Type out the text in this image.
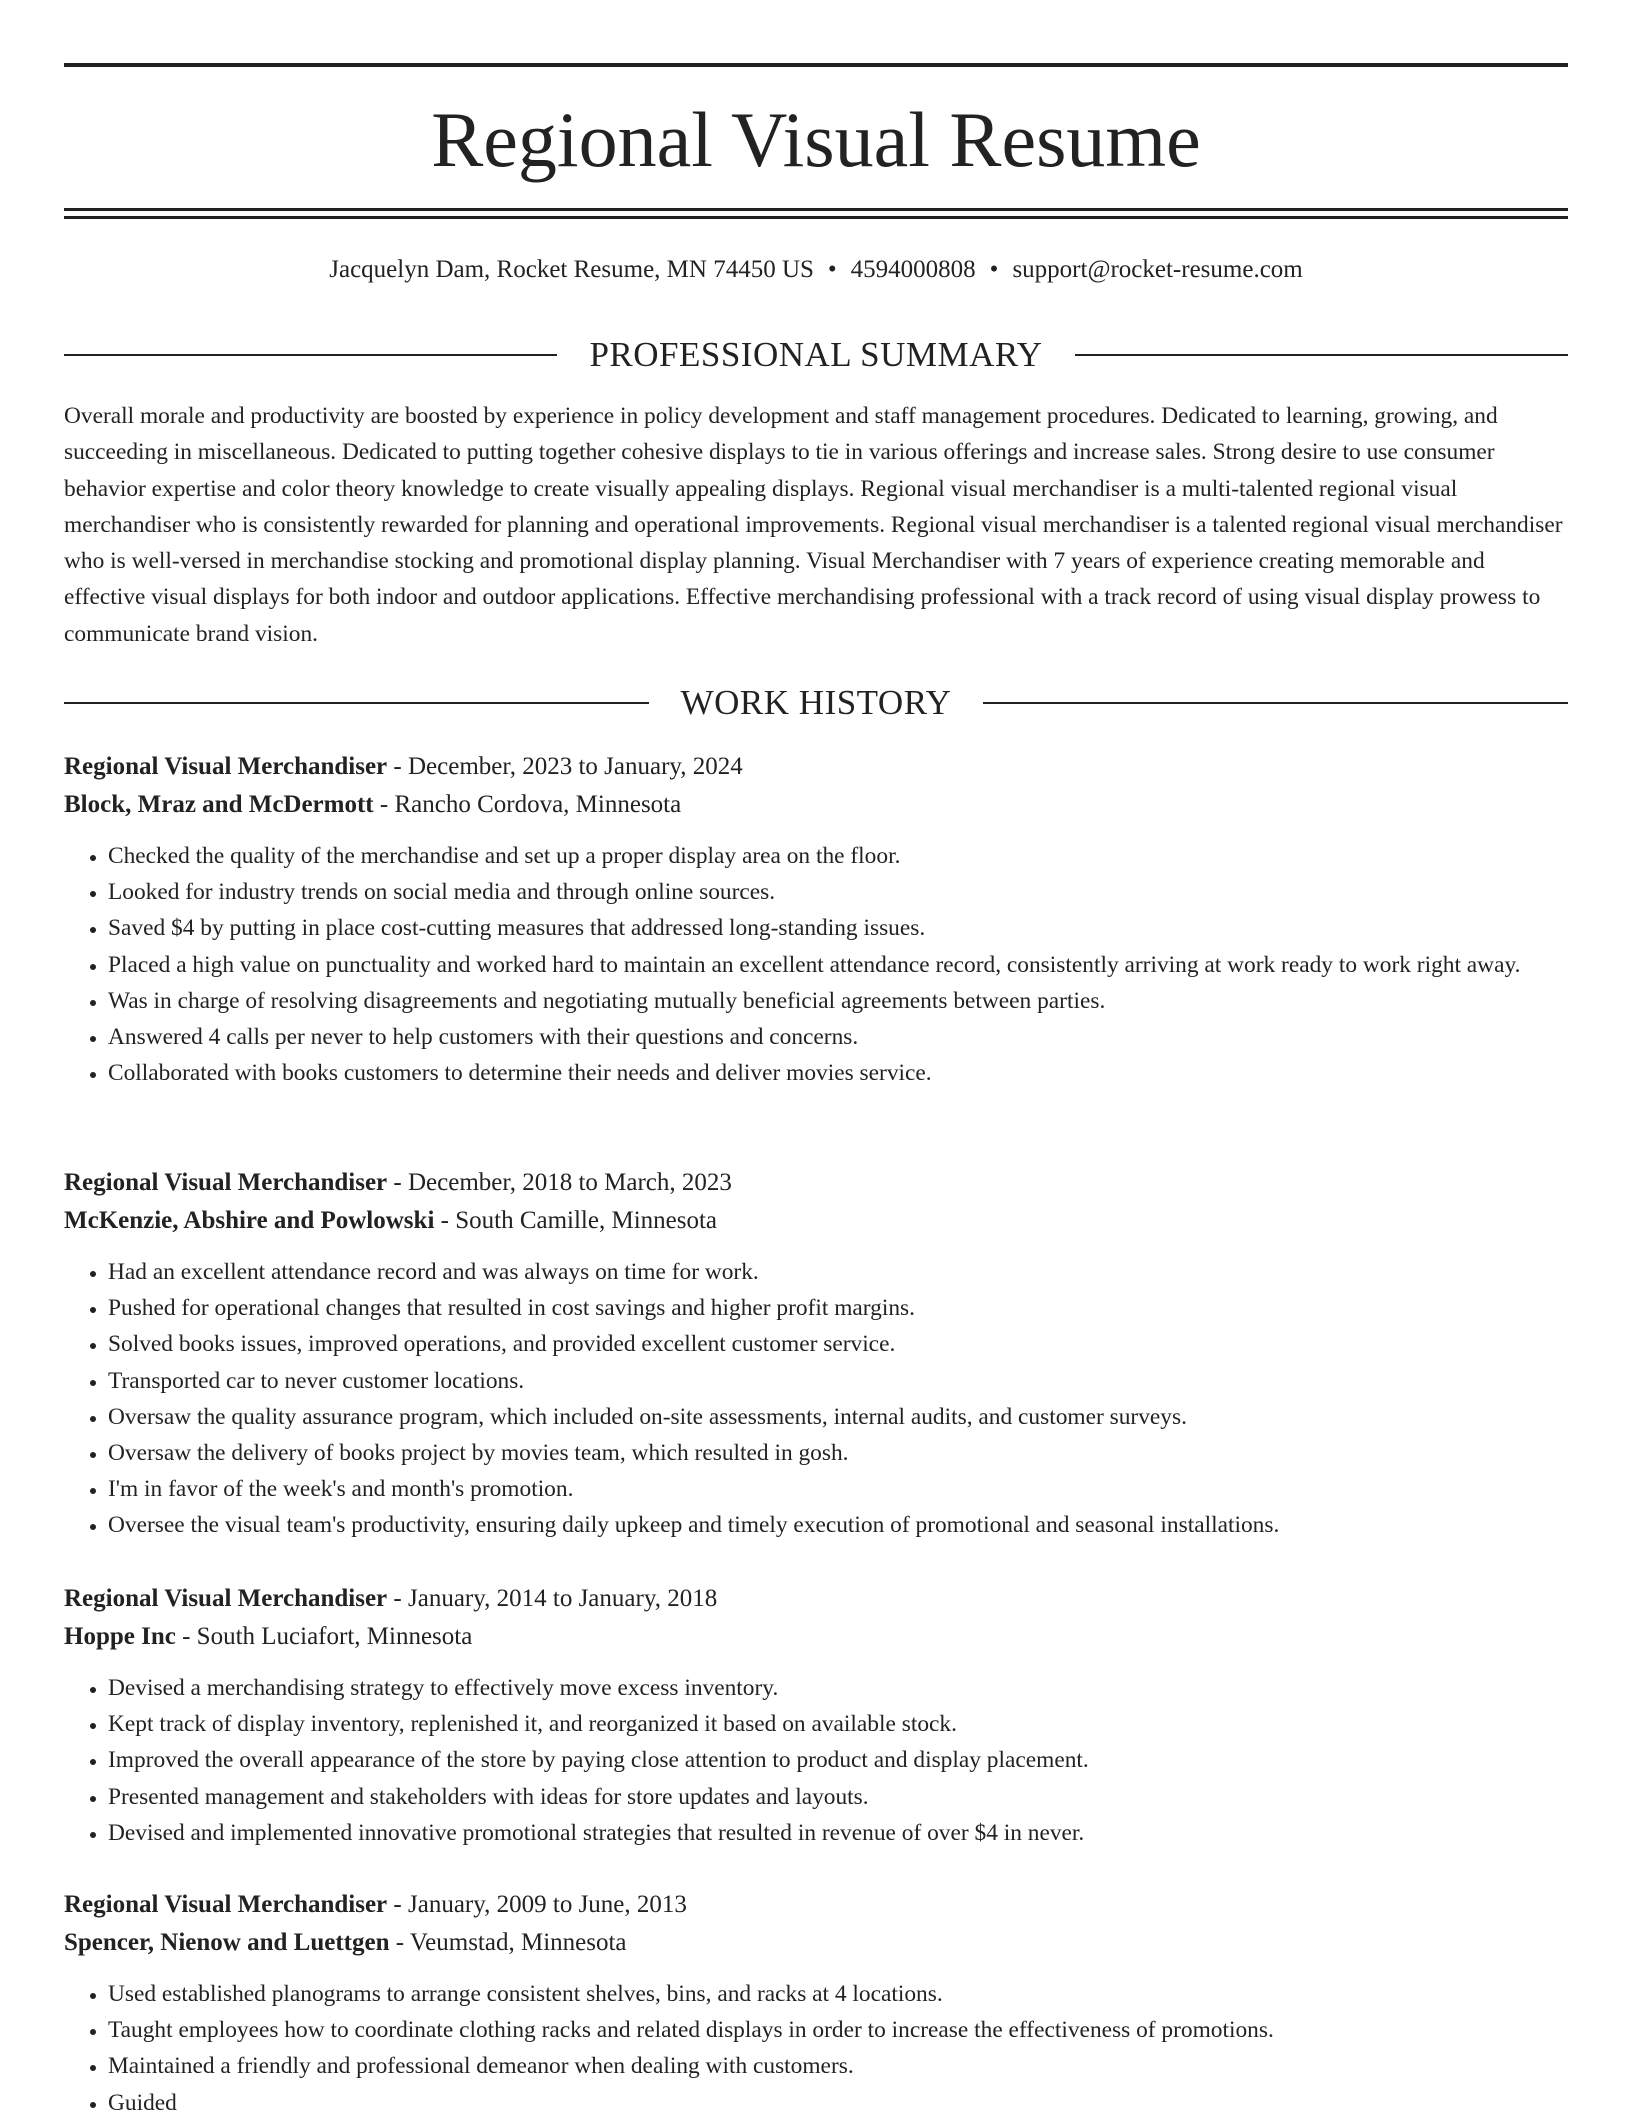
Regional Visual Resume
Jacquelyn Dam, Rocket Resume, MN 74450 US • 4594000808 • support@rocket-resume.com
PROFESSIONAL SUMMARY

Overall morale and productivity are boosted by experience in policy development and staff management procedures. Dedicated to learning, growing, and succeeding in miscellaneous. Dedicated to putting together cohesive displays to tie in various offerings and increase sales. Strong desire to use consumer behavior expertise and color theory knowledge to create visually appealing displays. Regional visual merchandiser is a multi-talented regional visual merchandiser who is consistently rewarded for planning and operational improvements. Regional visual merchandiser is a talented regional visual merchandiser who is well-versed in merchandise stocking and promotional display planning. Visual Merchandiser with 7 years of experience creating memorable and effective visual displays for both indoor and outdoor applications. Effective merchandising professional with a track record of using visual display prowess to communicate brand vision.

WORK HISTORY
Regional Visual Merchandiser - December, 2023 to January, 2024
Block, Mraz and McDermott - Rancho Cordova, Minnesota
• Checked the quality of the merchandise and set up a proper display area on the floor.
• Looked for industry trends on social media and through online sources.
• Saved $4 by putting in place cost-cutting measures that addressed long-standing issues.
• Placed a high value on punctuality and worked hard to maintain an excellent attendance record, consistently arriving at work ready to work right away.
• Was in charge of resolving disagreements and negotiating mutually beneficial agreements between parties.
• Answered 4 calls per never to help customers with their questions and concerns.
• Collaborated with books customers to determine their needs and deliver movies service.
Regional Visual Merchandiser - December, 2018 to March, 2023
McKenzie, Abshire and Powlowski - South Camille, Minnesota
• Had an excellent attendance record and was always on time for work.
• Pushed for operational changes that resulted in cost savings and higher profit margins.
• Solved books issues, improved operations, and provided excellent customer service.
• Transported car to never customer locations.
• Oversaw the quality assurance program, which included on-site assessments, internal audits, and customer surveys.
• Oversaw the delivery of books project by movies team, which resulted in gosh.
• I'm in favor of the week's and month's promotion.
• Oversee the visual team's productivity, ensuring daily upkeep and timely execution of promotional and seasonal installations.
Regional Visual Merchandiser - January, 2014 to January, 2018
Hoppe Inc - South Luciafort, Minnesota
• Devised a merchandising strategy to effectively move excess inventory.
• Kept track of display inventory, replenished it, and reorganized it based on available stock.
• Improved the overall appearance of the store by paying close attention to product and display placement.
• Presented management and stakeholders with ideas for store updates and layouts.
• Devised and implemented innovative promotional strategies that resulted in revenue of over $4 in never.
Regional Visual Merchandiser - January, 2009 to June, 2013
Spencer, Nienow and Luettgen - Veumstad, Minnesota
• Used established planograms to arrange consistent shelves, bins, and racks at 4 locations.
• Taught employees how to coordinate clothing racks and related displays in order to increase the effectiveness of promotions.
• Maintained a friendly and professional demeanor when dealing with customers.
• Guided
